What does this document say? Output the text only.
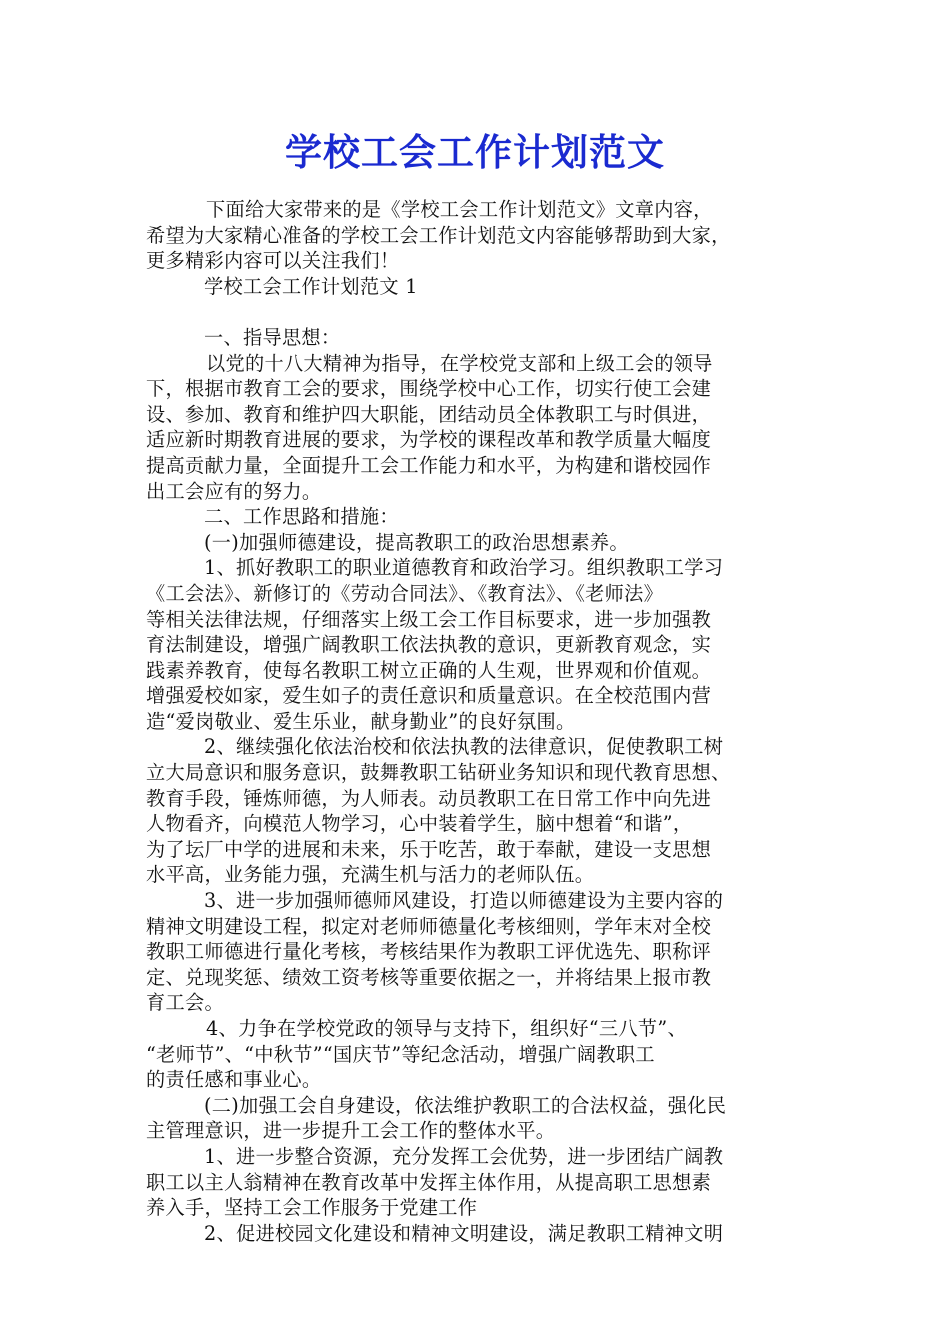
学校工会工作计划范文

下面给大家带来的是《学校工会工作计划范文》文章内容，

希望为大家精心准备的学校工会工作计划范文内容能够帮助到大家，

更多精彩内容可以关注我们！

学校工会工作计划范文 1

一、指导思想：

以党的十八大精神为指导，在学校党支部和上级工会的领导

下，根据市教育工会的要求，围绕学校中心工作，切实行使工会建

设、参加、教育和维护四大职能，团结动员全体教职工与时俱进，

适应新时期教育进展的要求，为学校的课程改革和教学质量大幅度

提高贡献力量，全面提升工会工作能力和水平，为构建和谐校园作

出工会应有的努力。

二、工作思路和措施：

(一)加强师德建设，提高教职工的政治思想素养。

1、抓好教职工的职业道德教育和政治学习。组织教职工学习

《工会法》、新修订的《劳动合同法》、《教育法》、《老师法》

等相关法律法规，仔细落实上级工会工作目标要求，进一步加强教

育法制建设，增强广阔教职工依法执教的意识，更新教育观念，实

践素养教育，使每名教职工树立正确的人生观，世界观和价值观。

增强爱校如家，爱生如子的责任意识和质量意识。在全校范围内营

造“爱岗敬业、爱生乐业，献身勤业”的良好氛围。

2、继续强化依法治校和依法执教的法律意识，促使教职工树

立大局意识和服务意识，鼓舞教职工钻研业务知识和现代教育思想、

教育手段，锤炼师德，为人师表。动员教职工在日常工作中向先进

人物看齐，向模范人物学习，心中装着学生，脑中想着“和谐”，

为了坛厂中学的进展和未来，乐于吃苦，敢于奉献，建设一支思想

水平高，业务能力强，充满生机与活力的老师队伍。

3、进一步加强师德师风建设，打造以师德建设为主要内容的

精神文明建设工程，拟定对老师师德量化考核细则，学年末对全校

教职工师德进行量化考核，考核结果作为教职工评优选先、职称评

定、兑现奖惩、绩效工资考核等重要依据之一，并将结果上报市教

育工会。

4、力争在学校党政的领导与支持下，组织好“三八节”、

“老师节”、“中秋节”“国庆节”等纪念活动，增强广阔教职工

的责任感和事业心。

(二)加强工会自身建设，依法维护教职工的合法权益，强化民

主管理意识，进一步提升工会工作的整体水平。

1、进一步整合资源，充分发挥工会优势，进一步团结广阔教

职工以主人翁精神在教育改革中发挥主体作用，从提高职工思想素

养入手，坚持工会工作服务于党建工作

2、促进校园文化建设和精神文明建设，满足教职工精神文明
